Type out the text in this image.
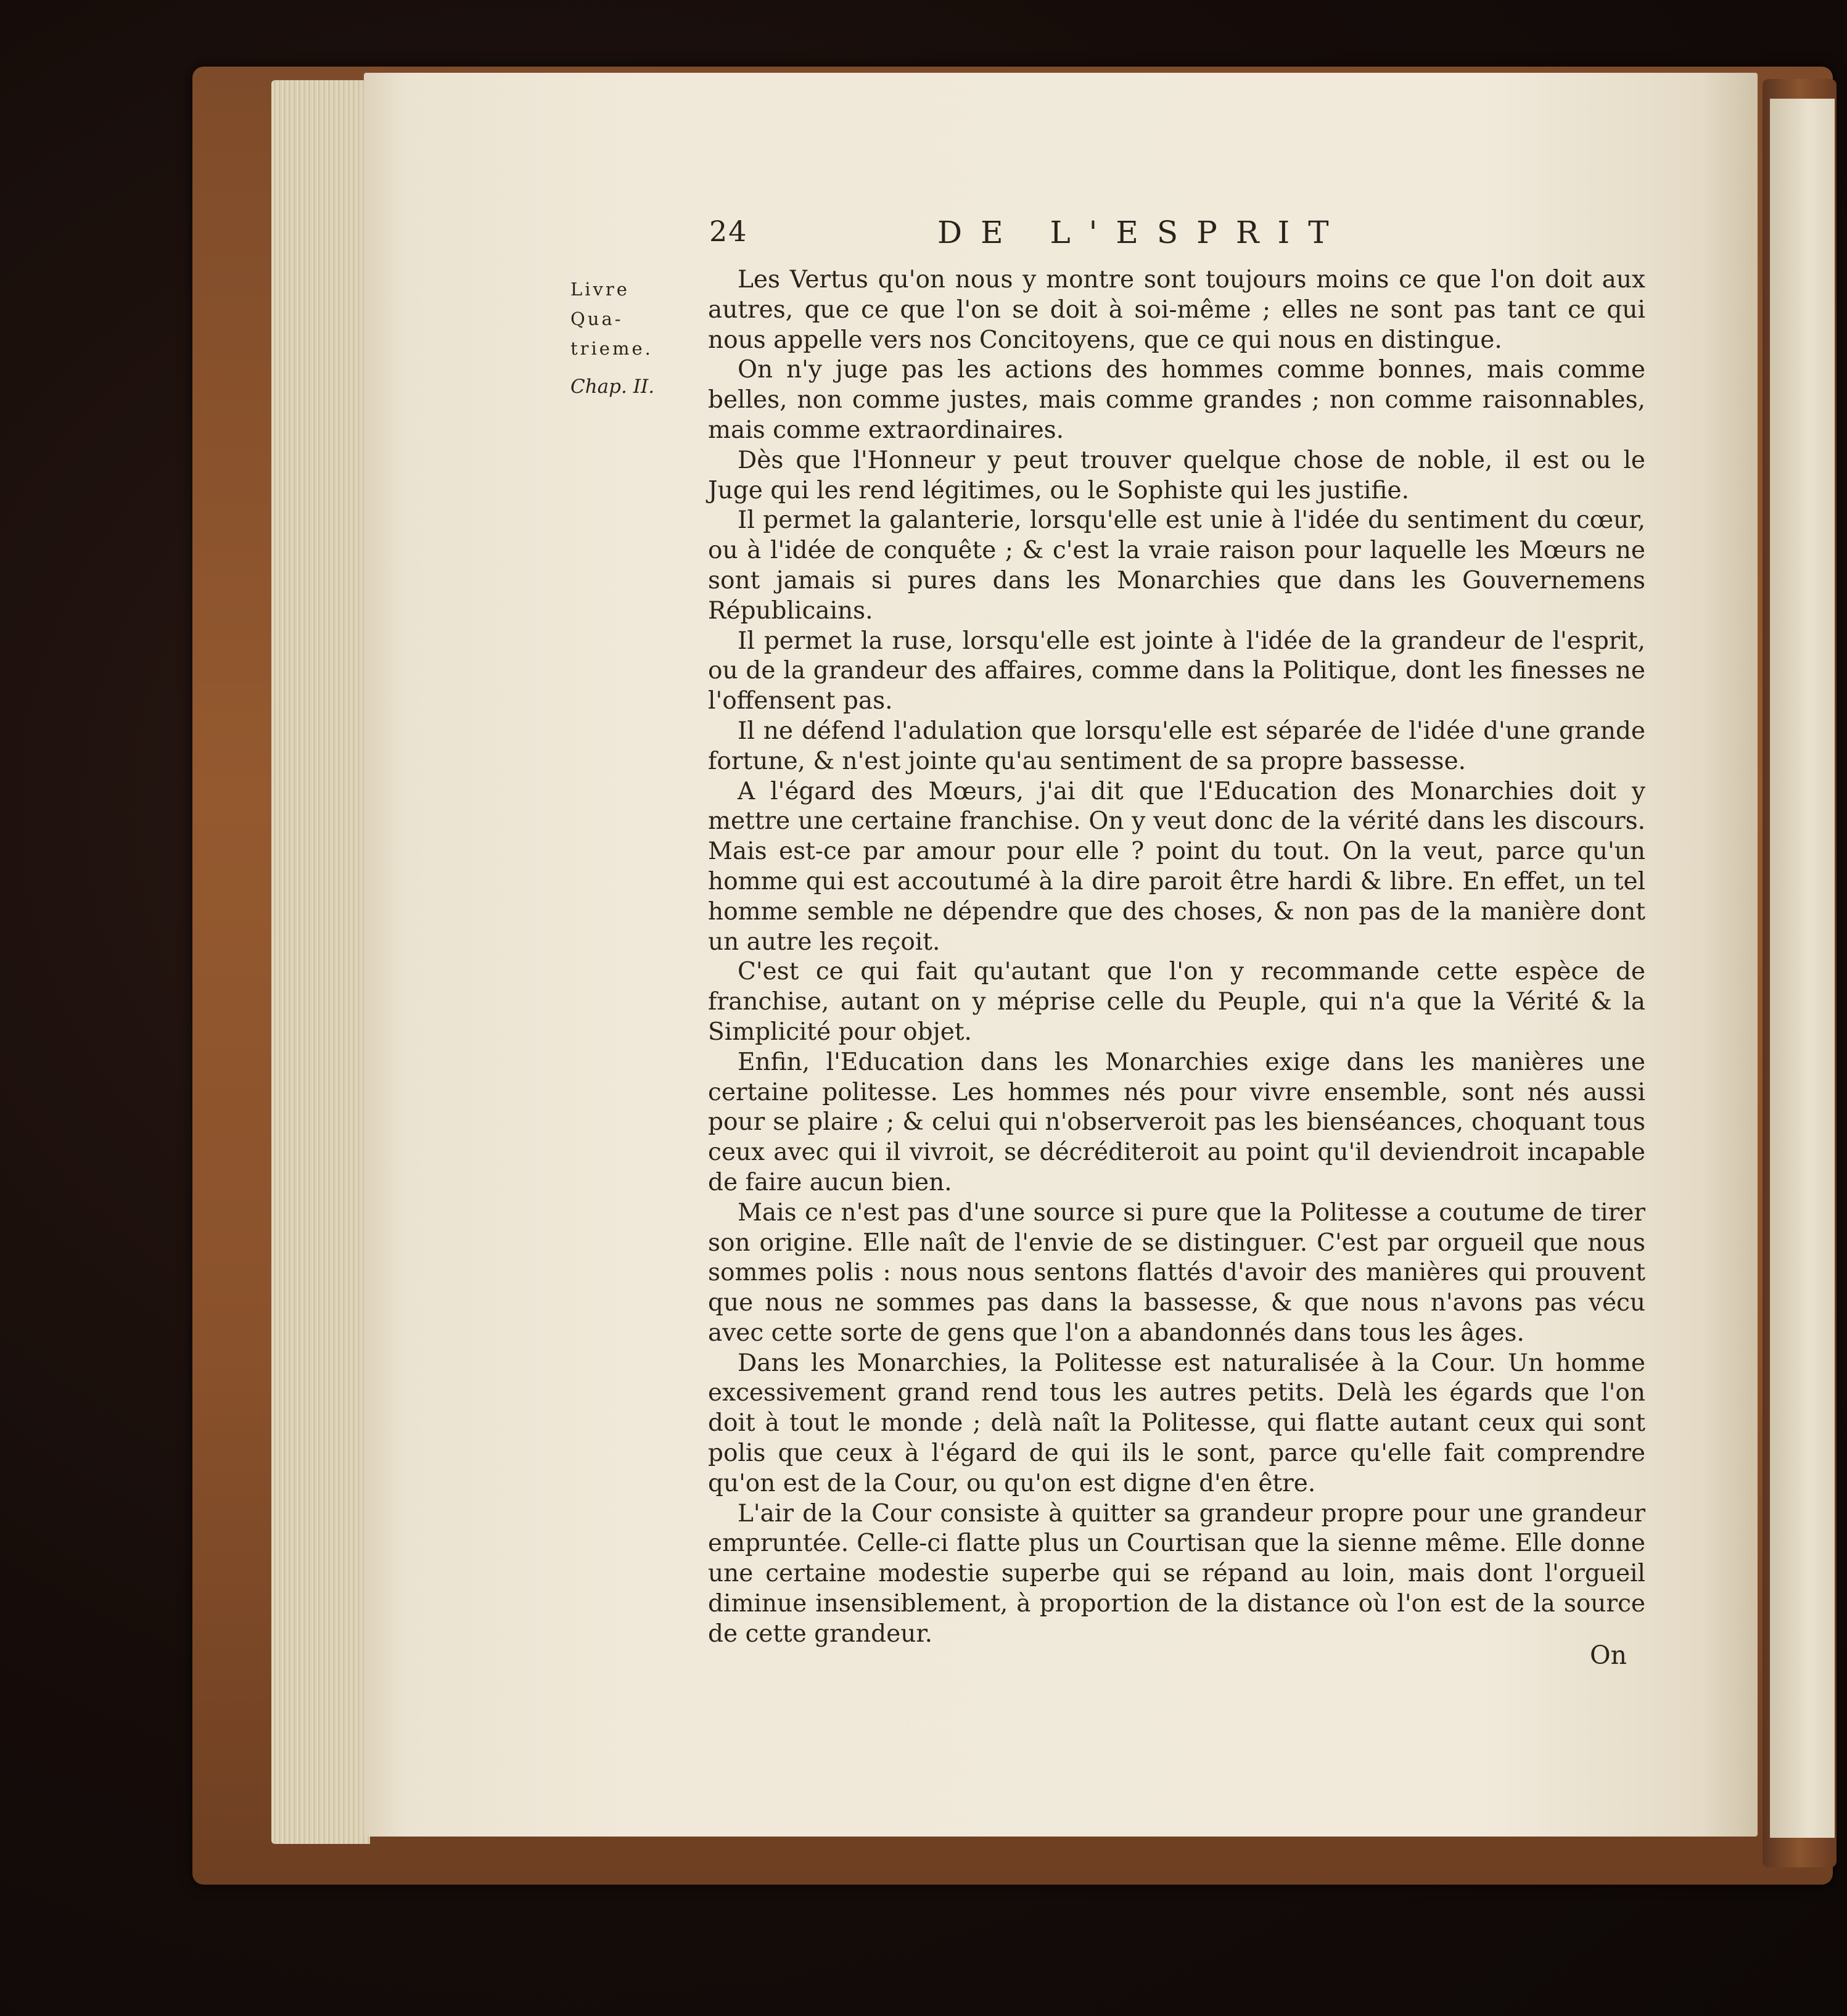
24	DE L'ESPRIT
Livre
Qua-
trieme.
Chap. II.

Les Vertus qu'on nous y montre sont toujours moins ce que l'on doit aux autres, que ce que l'on se doit à soi-même ; elles ne sont pas tant ce qui nous appelle vers nos Concitoyens, que ce qui nous en distingue.

On n'y juge pas les actions des hommes comme bonnes, mais comme belles, non comme justes, mais comme grandes ; non comme raisonnables, mais comme extraordinaires.

Dès que l'Honneur y peut trouver quelque chose de noble, il est ou le Juge qui les rend légitimes, ou le Sophiste qui les justifie.

Il permet la galanterie, lorsqu'elle est unie à l'idée du sentiment du cœur, ou à l'idée de conquête ; & c'est la vraie raison pour laquelle les Mœurs ne sont jamais si pures dans les Monarchies que dans les Gouvernemens Républicains.

Il permet la ruse, lorsqu'elle est jointe à l'idée de la grandeur de l'esprit, ou de la grandeur des affaires, comme dans la Politique, dont les finesses ne l'offensent pas.

Il ne défend l'adulation que lorsqu'elle est séparée de l'idée d'une grande fortune, & n'est jointe qu'au sentiment de sa propre bassesse.

A l'égard des Mœurs, j'ai dit que l'Education des Monarchies doit y mettre une certaine franchise. On y veut donc de la vérité dans les discours. Mais est-ce par amour pour elle ? point du tout. On la veut, parce qu'un homme qui est accoutumé à la dire paroit être hardi & libre. En effet, un tel homme semble ne dépendre que des choses, & non pas de la manière dont un autre les reçoit.

C'est ce qui fait qu'autant que l'on y recommande cette espèce de franchise, autant on y méprise celle du Peuple, qui n'a que la Vérité & la Simplicité pour objet.

Enfin, l'Education dans les Monarchies exige dans les manières une certaine politesse. Les hommes nés pour vivre ensemble, sont nés aussi pour se plaire ; & celui qui n'observeroit pas les bienséances, choquant tous ceux avec qui il vivroit, se décréditeroit au point qu'il deviendroit incapable de faire aucun bien.

Mais ce n'est pas d'une source si pure que la Politesse a coutume de tirer son origine. Elle naît de l'envie de se distinguer. C'est par orgueil que nous sommes polis : nous nous sentons flattés d'avoir des manières qui prouvent que nous ne sommes pas dans la bassesse, & que nous n'avons pas vécu avec cette sorte de gens que l'on a abandonnés dans tous les âges.

Dans les Monarchies, la Politesse est naturalisée à la Cour. Un homme excessivement grand rend tous les autres petits. Delà les égards que l'on doit à tout le monde ; delà naît la Politesse, qui flatte autant ceux qui sont polis que ceux à l'égard de qui ils le sont, parce qu'elle fait comprendre qu'on est de la Cour, ou qu'on est digne d'en être.

L'air de la Cour consiste à quitter sa grandeur propre pour une grandeur empruntée. Celle-ci flatte plus un Courtisan que la sienne même. Elle donne une certaine modestie superbe qui se répand au loin, mais dont l'orgueil diminue insensiblement, à proportion de la distance où l'on est de la source de cette grandeur.

On
